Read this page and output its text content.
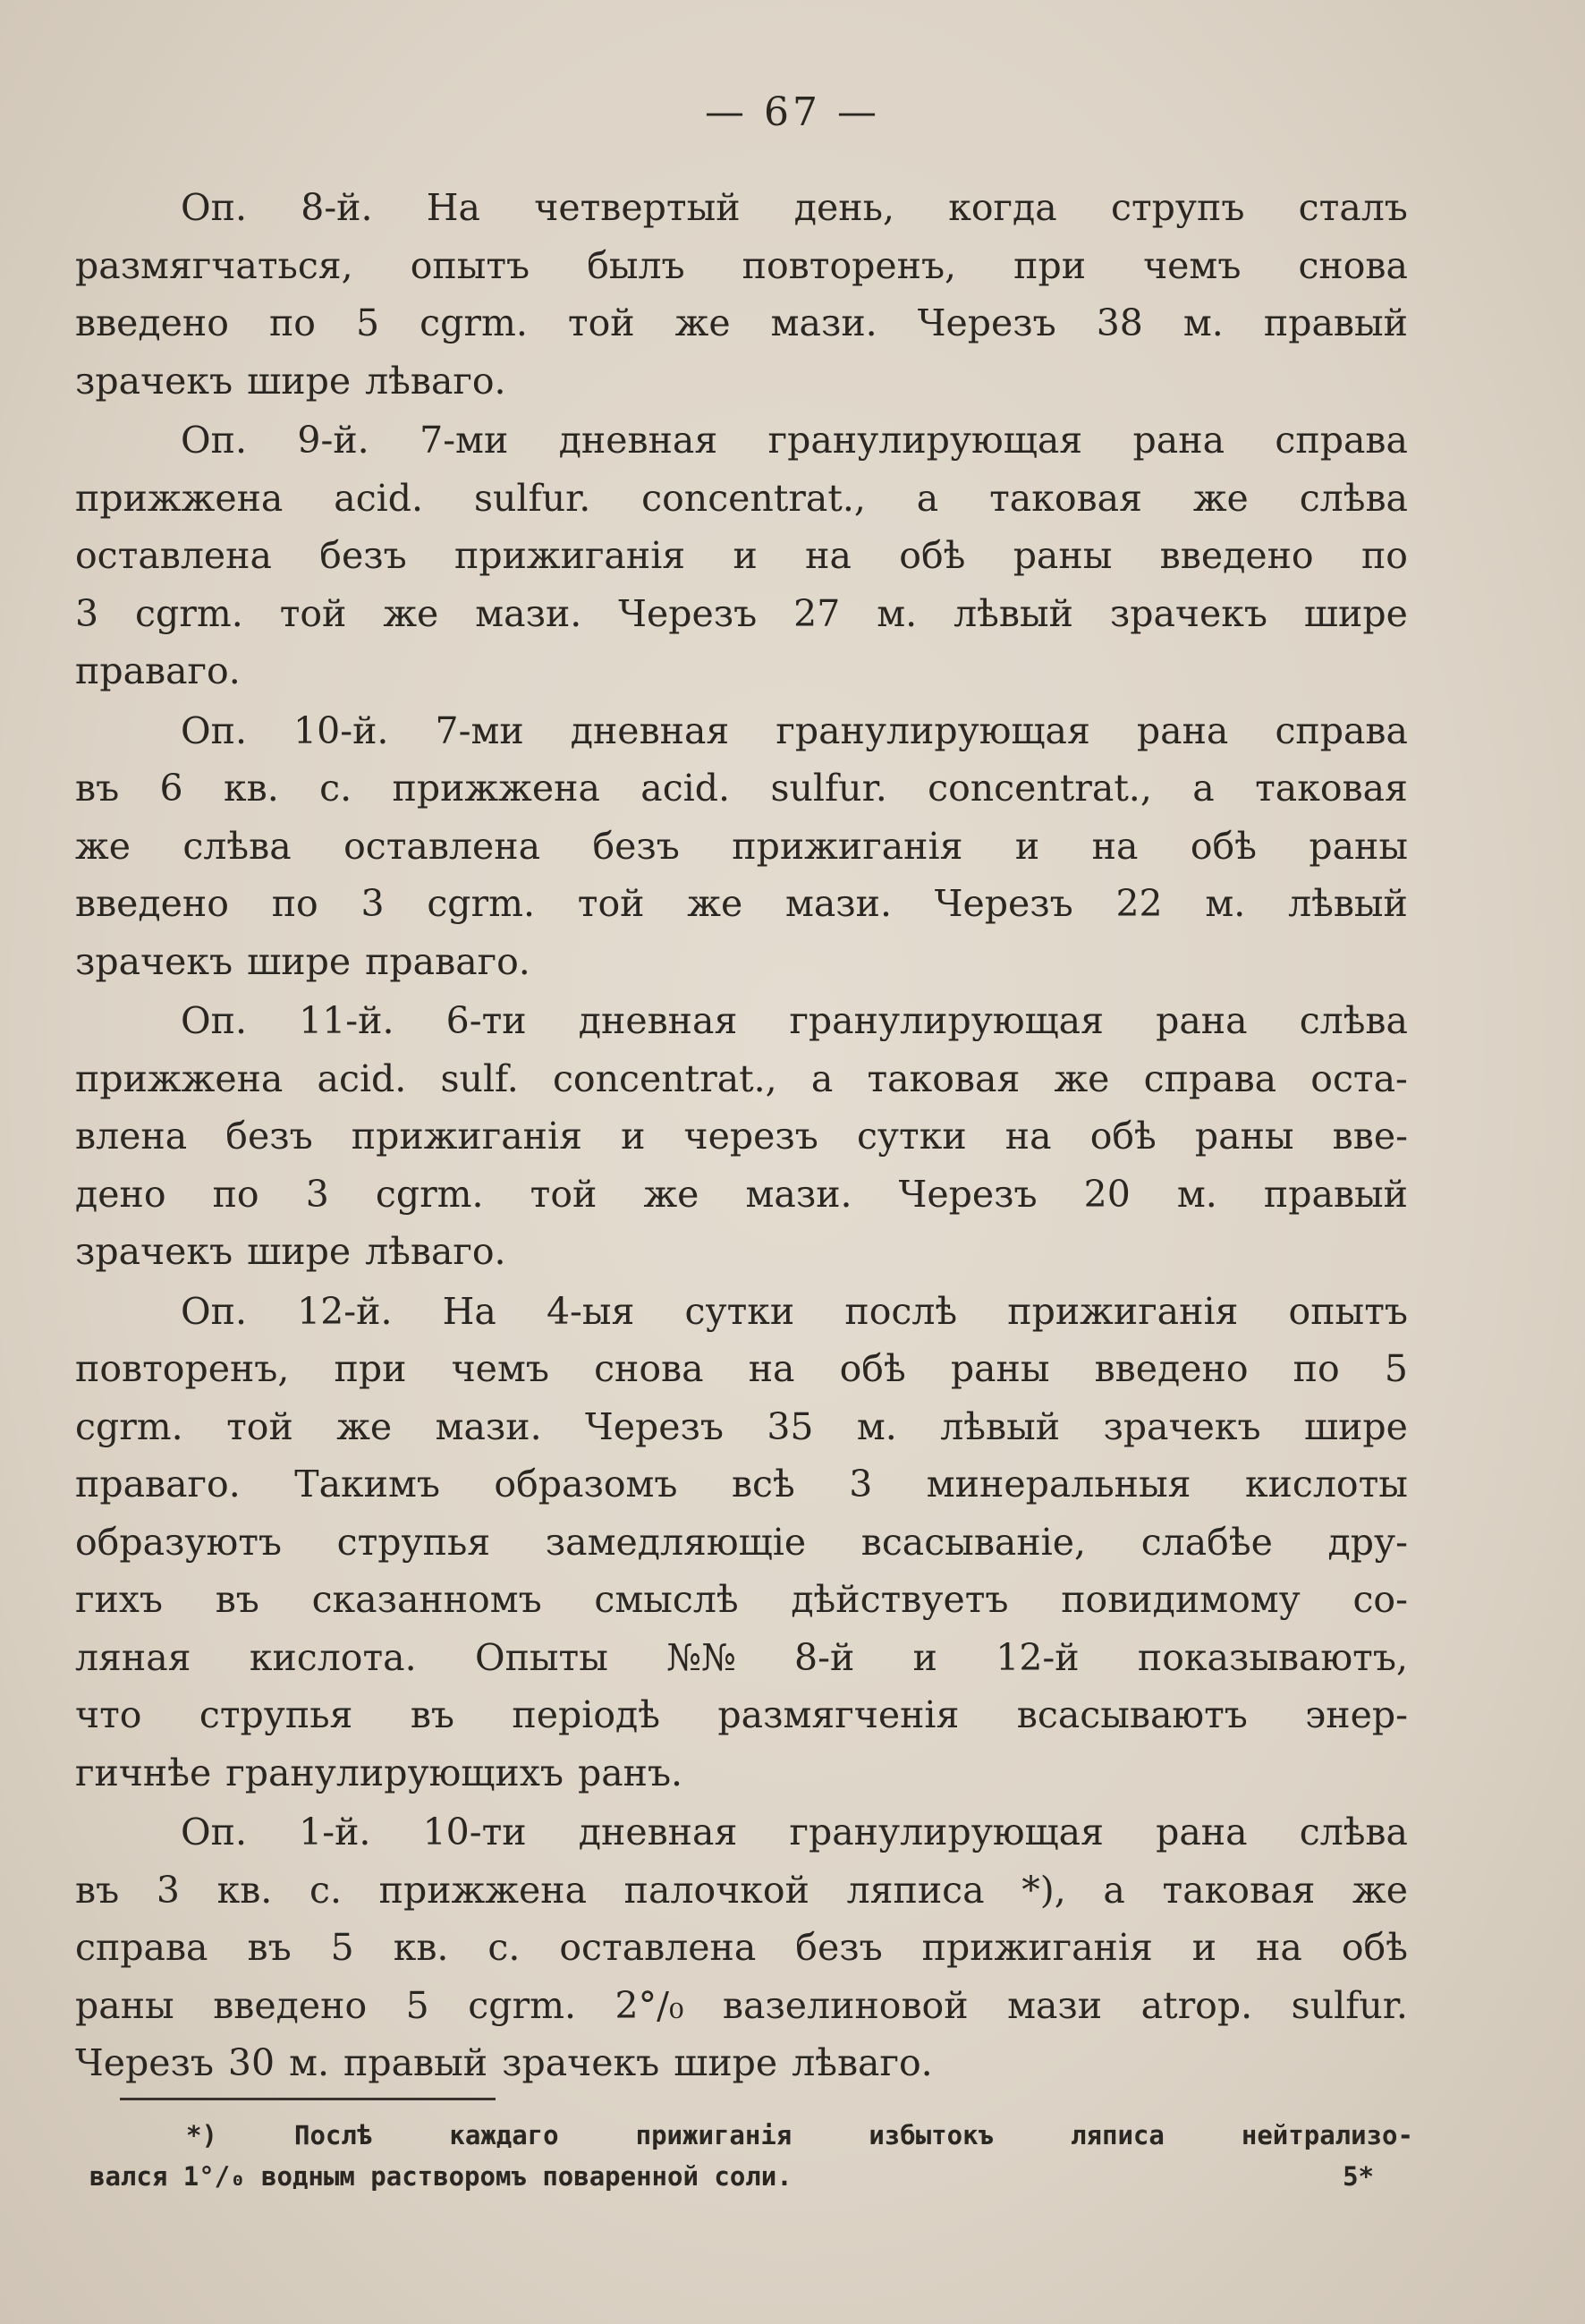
— 67 —
Оп. 8-й. На четвертый день, когда струпъ сталъ
размягчаться, опытъ былъ повторенъ, при чемъ снова
введено по 5 cgrm. той же мази. Черезъ 38 м. правый
зрачекъ шире лѣваго.
Оп. 9-й. 7-ми дневная гранулирующая рана справа
прижжена acid. sulfur. concentrat., а таковая же слѣва
оставлена безъ прижиганія и на обѣ раны введено по
3 cgrm. той же мази. Черезъ 27 м. лѣвый зрачекъ шире
праваго.
Оп. 10-й. 7-ми дневная гранулирующая рана справа
въ 6 кв. с. прижжена acid. sulfur. concentrat., а таковая
же слѣва оставлена безъ прижиганія и на обѣ раны
введено по 3 cgrm. той же мази. Черезъ 22 м. лѣвый
зрачекъ шире праваго.
Оп. 11-й. 6-ти дневная гранулирующая рана слѣва
прижжена acid. sulf. concentrat., а таковая же справа оста-
влена безъ прижиганія и черезъ сутки на обѣ раны вве-
дено по 3 cgrm. той же мази. Черезъ 20 м. правый
зрачекъ шире лѣваго.
Оп. 12-й. На 4-ыя сутки послѣ прижиганія опытъ
повторенъ, при чемъ снова на обѣ раны введено по 5
cgrm. той же мази. Черезъ 35 м. лѣвый зрачекъ шире
праваго. Такимъ образомъ всѣ 3 минеральныя кислоты
образуютъ струпья замедляющіе всасываніе, слабѣе дру-
гихъ въ сказанномъ смыслѣ дѣйствуетъ повидимому со-
ляная кислота. Опыты №№ 8-й и 12-й показываютъ,
что струпья въ періодѣ размягченія всасываютъ энер-
гичнѣе гранулирующихъ ранъ.
Оп. 1-й. 10-ти дневная гранулирующая рана слѣва
въ 3 кв. с. прижжена палочкой ляписа *), а таковая же
справа въ 5 кв. с. оставлена безъ прижиганія и на обѣ
раны введено 5 cgrm. 2°/₀ вазелиновой мази atrop. sulfur.
Черезъ 30 м. правый зрачекъ шире лѣваго.
*)	Послѣ	каждаго	прижиганія	избытокъ	ляписа	нейтрализо-
вался 1°/₀ водным растворомъ поваренной соли.	5*
